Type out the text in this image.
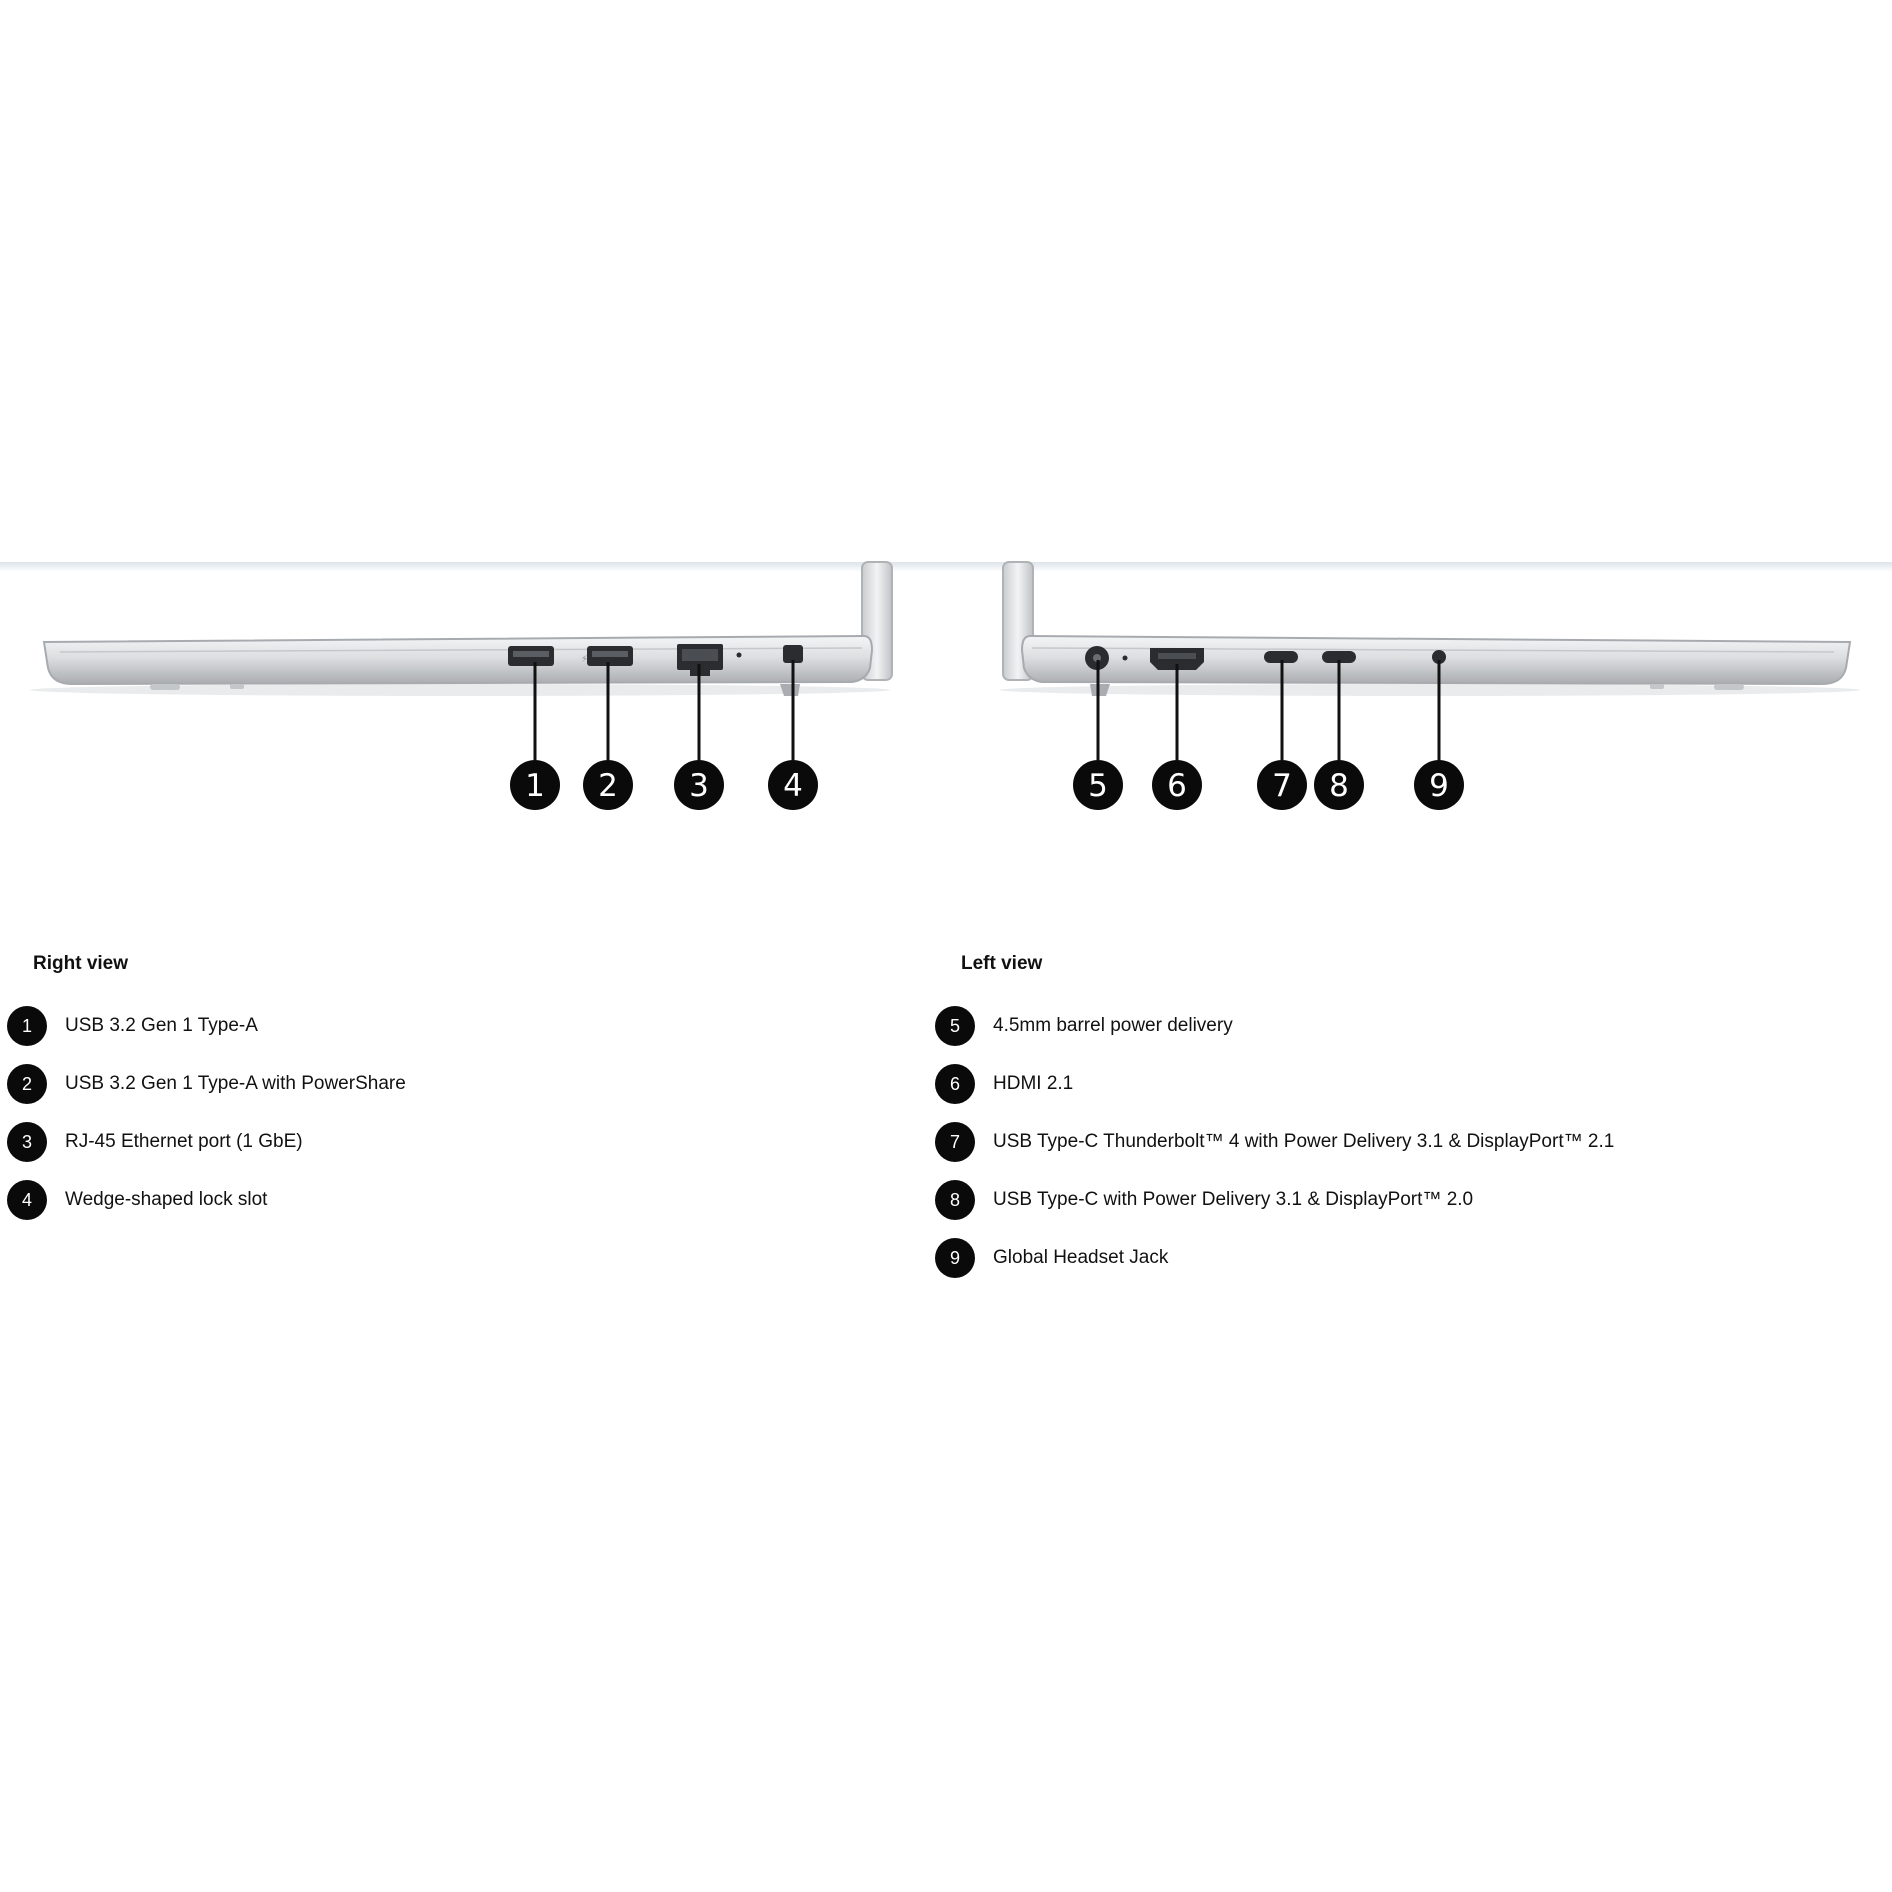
⚡
1 2 3 4	5 6	7 8	9
Right view
1	USB 3.2 Gen 1 Type-A
2	USB 3.2 Gen 1 Type-A with PowerShare
3	RJ-45 Ethernet port (1 GbE)
4	Wedge-shaped lock slot
Left view
5	4.5mm barrel power delivery
6	HDMI 2.1
7	USB Type-C Thunderbolt™ 4 with Power Delivery 3.1 & DisplayPort™ 2.1
8	USB Type-C with Power Delivery 3.1 & DisplayPort™ 2.0
9	Global Headset Jack
